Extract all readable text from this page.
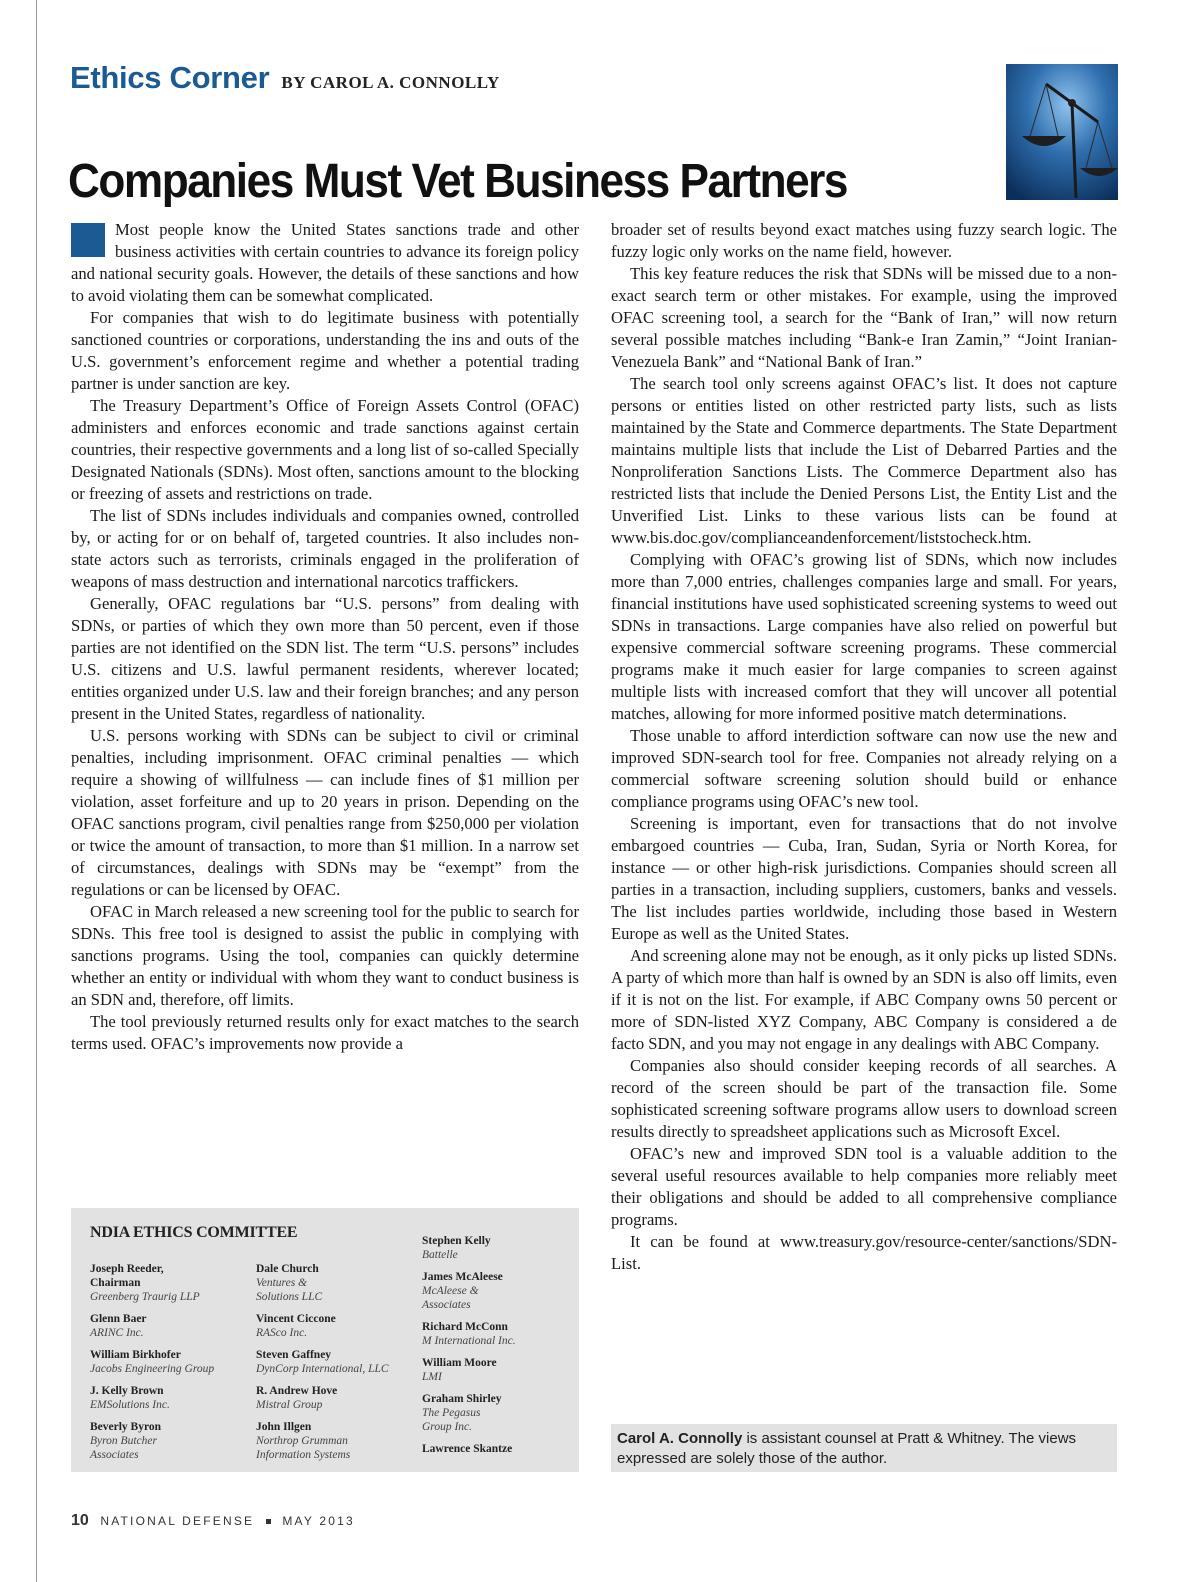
Ethics Corner BY CAROL A. CONNOLLY
Companies Must Vet Business Partners

Most people know the United States sanctions trade and other business activities with certain countries to advance its foreign policy and national security goals. However, the details of these sanctions and how to avoid violating them can be somewhat complicated.

For companies that wish to do legitimate business with potentially sanctioned countries or corporations, understanding the ins and outs of the U.S. government’s enforcement regime and whether a potential trading partner is under sanction are key.

The Treasury Department’s Office of Foreign Assets Control (OFAC) administers and enforces economic and trade sanctions against certain countries, their respective governments and a long list of so-called Specially Designated Nationals (SDNs). Most often, sanctions amount to the blocking or freezing of assets and restrictions on trade.

The list of SDNs includes individuals and companies owned, controlled by, or acting for or on behalf of, targeted countries. It also includes non-state actors such as terrorists, criminals engaged in the proliferation of weapons of mass destruction and international narcotics traffickers.

Generally, OFAC regulations bar “U.S. persons” from dealing with SDNs, or parties of which they own more than 50 percent, even if those parties are not identified on the SDN list. The term “U.S. persons” includes U.S. citizens and U.S. lawful permanent residents, wherever located; entities organized under U.S. law and their foreign branches; and any person present in the United States, regardless of nationality.

U.S. persons working with SDNs can be subject to civil or criminal penalties, including imprisonment. OFAC criminal penalties — which require a showing of willfulness — can include fines of $1 million per violation, asset forfeiture and up to 20 years in prison. Depending on the OFAC sanctions program, civil penalties range from $250,000 per violation or twice the amount of transaction, to more than $1 million. In a narrow set of circumstances, dealings with SDNs may be “exempt” from the regulations or can be licensed by OFAC.

OFAC in March released a new screening tool for the public to search for SDNs. This free tool is designed to assist the public in complying with sanctions programs. Using the tool, companies can quickly determine whether an entity or individual with whom they want to conduct business is an SDN and, therefore, off limits.

The tool previously returned results only for exact matches to the search terms used. OFAC’s improvements now provide a

broader set of results beyond exact matches using fuzzy search logic. The fuzzy logic only works on the name field, however.

This key feature reduces the risk that SDNs will be missed due to a non-exact search term or other mistakes. For example, using the improved OFAC screening tool, a search for the “Bank of Iran,” will now return several possible matches including “Bank-e Iran Zamin,” “Joint Iranian-Venezuela Bank” and “National Bank of Iran.”

The search tool only screens against OFAC’s list. It does not capture persons or entities listed on other restricted party lists, such as lists maintained by the State and Commerce departments. The State Department maintains multiple lists that include the List of Debarred Parties and the Nonproliferation Sanctions Lists. The Commerce Department also has restricted lists that include the Denied Persons List, the Entity List and the Unverified List. Links to these various lists can be found at www.bis.doc.gov/complianceandenforcement/liststocheck.htm.

Complying with OFAC’s growing list of SDNs, which now includes more than 7,000 entries, challenges companies large and small. For years, financial institutions have used sophisticated screening systems to weed out SDNs in transactions. Large companies have also relied on powerful but expensive commercial software screening programs. These commercial programs make it much easier for large companies to screen against multiple lists with increased comfort that they will uncover all potential matches, allowing for more informed positive match determinations.

Those unable to afford interdiction software can now use the new and improved SDN-search tool for free. Companies not already relying on a commercial software screening solution should build or enhance compliance programs using OFAC’s new tool.

Screening is important, even for transactions that do not involve embargoed countries — Cuba, Iran, Sudan, Syria or North Korea, for instance — or other high-risk jurisdictions. Companies should screen all parties in a transaction, including suppliers, customers, banks and vessels. The list includes parties worldwide, including those based in Western Europe as well as the United States.

And screening alone may not be enough, as it only picks up listed SDNs. A party of which more than half is owned by an SDN is also off limits, even if it is not on the list. For example, if ABC Company owns 50 percent or more of SDN-listed XYZ Company, ABC Company is considered a de facto SDN, and you may not engage in any dealings with ABC Company.

Companies also should consider keeping records of all searches. A record of the screen should be part of the transaction file. Some sophisticated screening software programs allow users to download screen results directly to spreadsheet applications such as Microsoft Excel.

OFAC’s new and improved SDN tool is a valuable addition to the several useful resources available to help companies more reliably meet their obligations and should be added to all comprehensive compliance programs.

It can be found at www.treasury.gov/resource-center/sanctions/SDN-List.

NDIA ETHICS COMMITTEE
Joseph Reeder,
Chairman
Greenberg Traurig LLP
Glenn Baer
ARINC Inc.
William Birkhofer
Jacobs Engineering Group
J. Kelly Brown
EMSolutions Inc.
Beverly Byron
Byron Butcher
Associates
Dale Church
Ventures &
Solutions LLC
Vincent Ciccone
RASco Inc.
Steven Gaffney
DynCorp International, LLC
R. Andrew Hove
Mistral Group
John Illgen
Northrop Grumman
Information Systems
Stephen Kelly
Battelle
James McAleese
McAleese &
Associates
Richard McConn
M International Inc.
William Moore
LMI
Graham Shirley
The Pegasus
Group Inc.
Lawrence Skantze
Carol A. Connolly is assistant counsel at Pratt & Whitney. The views expressed are solely those of the author.
10 NATIONAL DEFENSE MAY 2013
